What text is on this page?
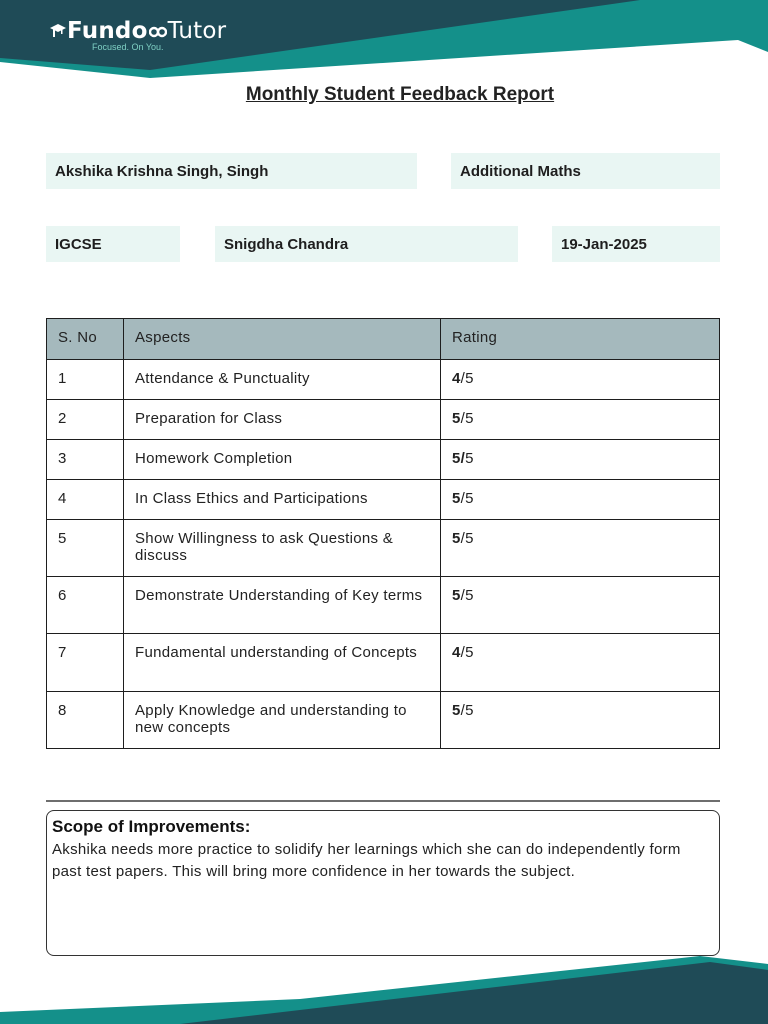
Fundo Tutor
Focused. On You.
Monthly Student Feedback Report
Akshika Krishna Singh, Singh	Additional Maths
IGCSE	Snigdha Chandra	19-Jan-2025
S. No	Aspects	Rating
1	Attendance & Punctuality	4/5
2	Preparation for Class	5/5
3	Homework Completion	5/5
4	In Class Ethics and Participations	5/5
5	Show Willingness to ask Questions & discuss	5/5
6	Demonstrate Understanding of Key terms	5/5
7	Fundamental understanding of Concepts	4/5
8	Apply Knowledge and understanding to new concepts	5/5
Scope of Improvements:
Akshika needs more practice to solidify her learnings which she can do independently form past test papers. This will bring more confidence in her towards the subject.
